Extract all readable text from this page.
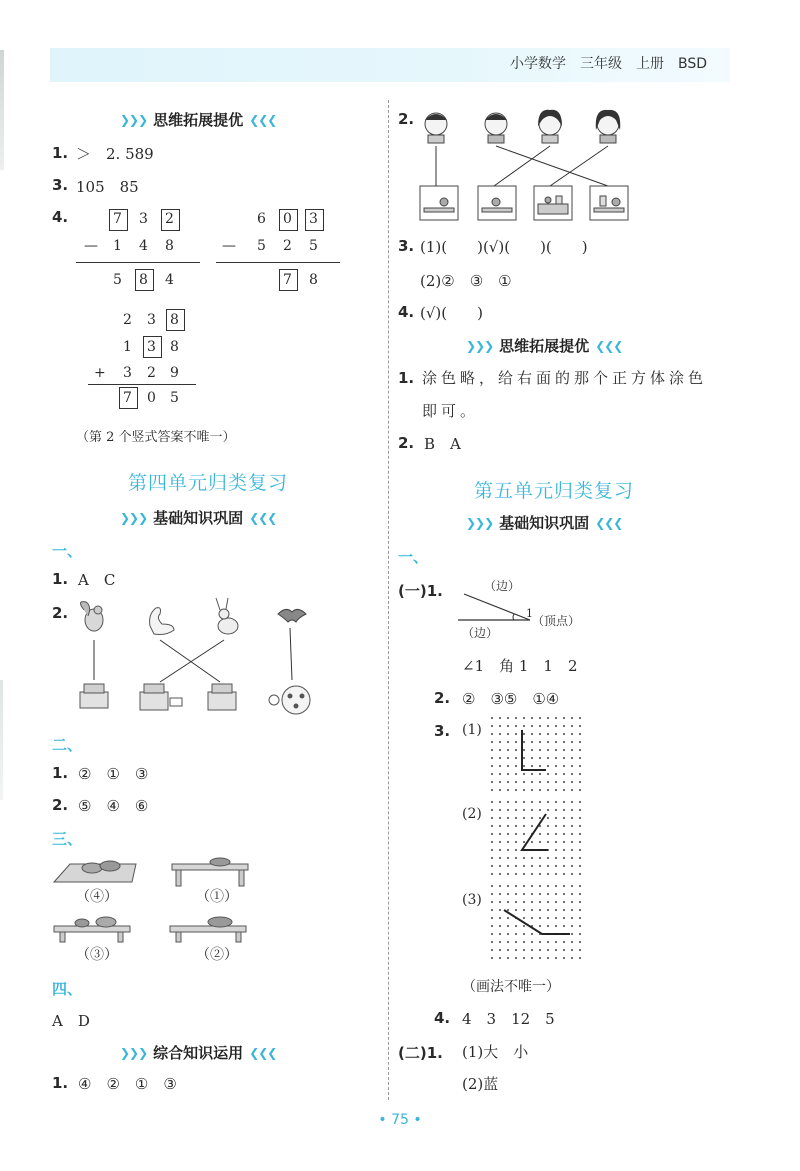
小学数学　三年级　上册　BSD
❯❯❯ 思维拓展提优 ❮❮❮
1. ＞　2. 589
3. 105　85
4.	7 3 2
— 1 4 8
5 8 4
6 0 3
— 5 2 5
7 8
2 3 8
1 3 8
+ 3 2 9
7 0 5
（第 2 个竖式答案不唯一）
第四单元归类复习
❯❯❯ 基础知识巩固 ❮❮❮
一、
1. A　C
2.
二、
1. ②　①　③
2. ⑤　④　⑥
三、
（④）	（①）
（③）	（②）
四、
A　D
❯❯❯ 综合知识运用 ❮❮❮
1. ④　②　①　③
2.
3. (1)(　　)(√)(　　)(　　)
(2)②　③　①
4. (√)(　　)
❯❯❯ 思维拓展提优 ❮❮❮
1. 涂色略，给右面的那个正方体涂色
即可。
2. B　A
第五单元归类复习
❯❯❯ 基础知识巩固 ❮❮❮
一、
(一)1.	（边）
1
（顶点）
（边）
∠1　角 1　1　2
2. ②　③⑤　①④
3. (1)
(2)
(3)
（画法不唯一）
4. 4　3　12　5
(二)1. (1)大　小
(2)蓝
• 75 •
